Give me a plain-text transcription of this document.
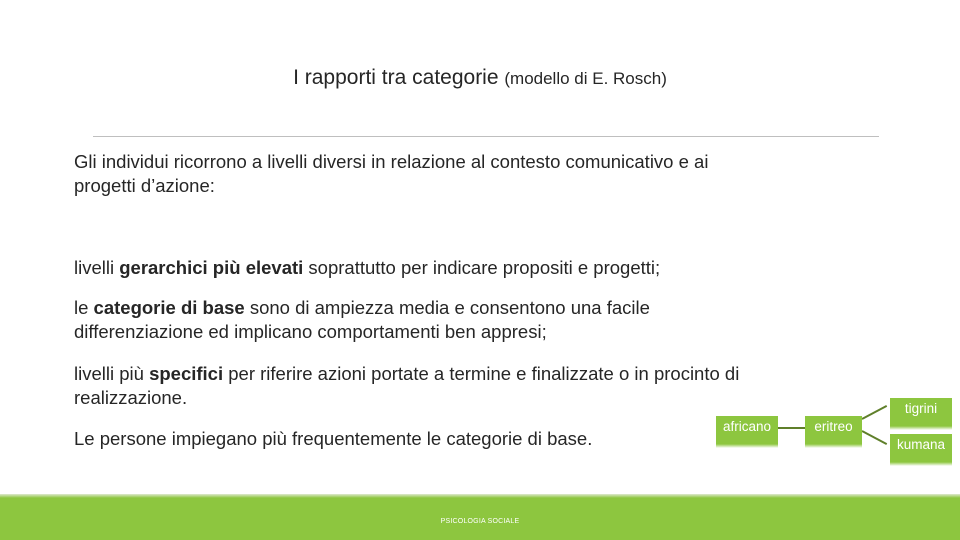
I rapporti tra categorie (modello di E. Rosch)
Gli individui ricorrono a livelli diversi in relazione al contesto comunicativo e ai
progetti d’azione:
livelli gerarchici più elevati soprattutto per indicare propositi e progetti;
le categorie di base sono di ampiezza media e consentono una facile
differenziazione ed implicano comportamenti ben appresi;
livelli più specifici per riferire azioni portate a termine e finalizzate o in procinto di
realizzazione.
Le persone impiegano più frequentemente le categorie di base.
africano	eritreo
tigrini
kumana
PSICOLOGIA SOCIALE
